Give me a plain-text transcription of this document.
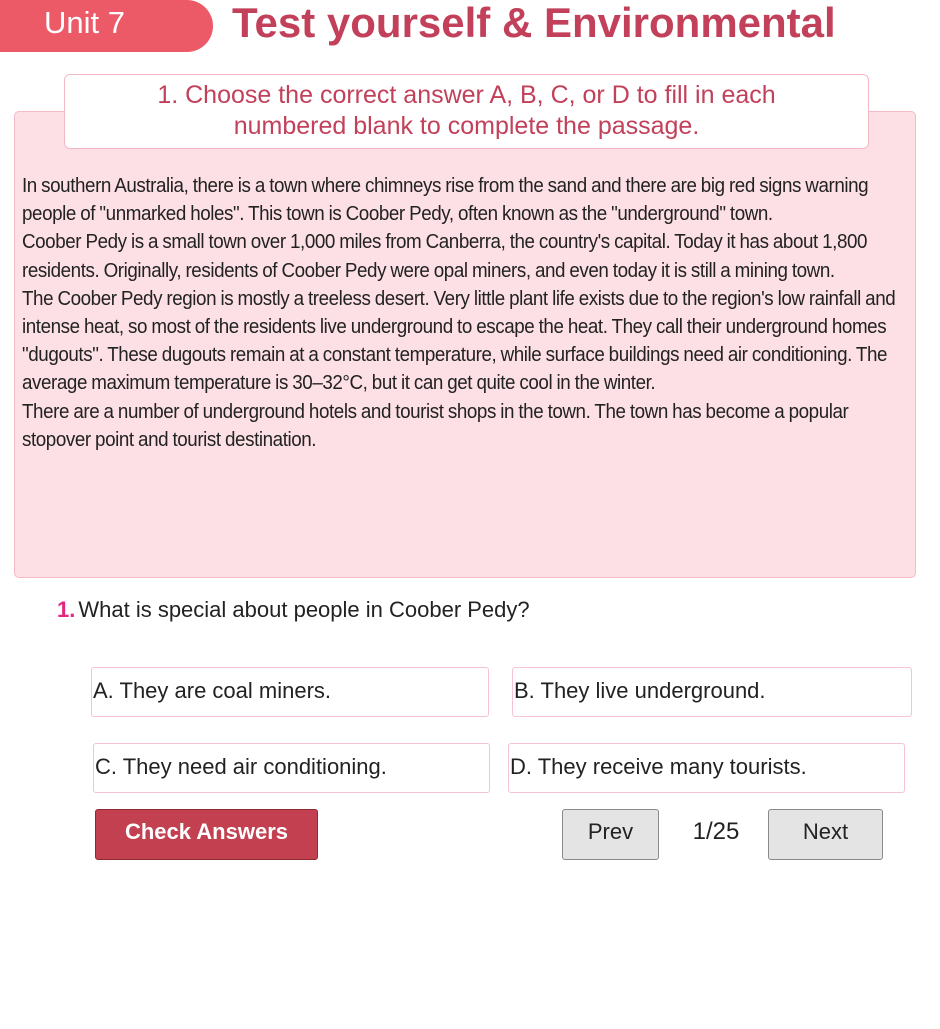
Unit 7	Test yourself & Environmental
1. Choose the correct answer A, B, C, or D to fill in each
numbered blank to complete the passage.

In southern Australia, there is a town where chimneys rise from the sand and there are big red signs warning people of "unmarked holes". This town is Coober Pedy, often known as the "underground" town.

Coober Pedy is a small town over 1,000 miles from Canberra, the country's capital. Today it has about 1,800 residents. Originally, residents of Coober Pedy were opal miners, and even today it is still a mining town.

The Coober Pedy region is mostly a treeless desert. Very little plant life exists due to the region's low rainfall and intense heat, so most of the residents live underground to escape the heat. They call their underground homes "dugouts". These dugouts remain at a constant temperature, while surface buildings need air conditioning. The average maximum temperature is 30–32°C, but it can get quite cool in the winter.

There are a number of underground hotels and tourist shops in the town. The town has become a popular stopover point and tourist destination.

1. What is special about people in Coober Pedy?
A. They are coal miners.	B. They live underground.
C. They need air conditioning.	D. They receive many tourists.
Check Answers	Prev	1/25	Next
